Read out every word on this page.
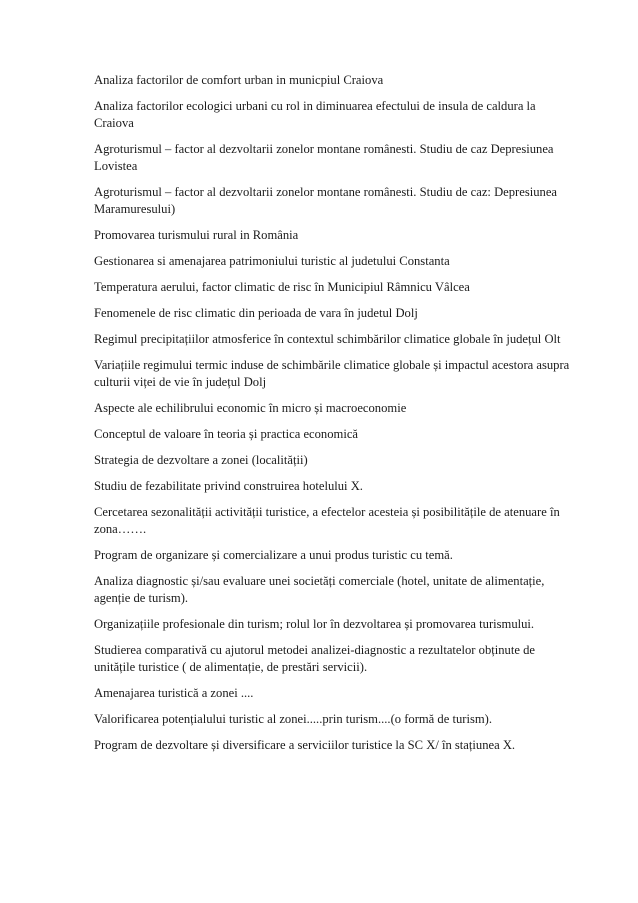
Analiza factorilor de comfort urban in municpiul Craiova

Analiza factorilor ecologici urbani cu rol in diminuarea efectului de insula de caldura la Craiova

Agroturismul – factor al dezvoltarii zonelor montane românesti. Studiu de caz Depresiunea Lovistea

Agroturismul – factor al dezvoltarii zonelor montane românesti. Studiu de caz: Depresiunea Maramuresului)

Promovarea turismului rural in România

Gestionarea si amenajarea patrimoniului turistic al judetului Constanta

Temperatura aerului, factor climatic de risc în Municipiul Râmnicu Vâlcea

Fenomenele de risc climatic din perioada de vara în judetul Dolj

Regimul precipitațiilor atmosferice în contextul schimbărilor climatice globale în județul Olt

Variațiile regimului termic induse de schimbările climatice globale și impactul acestora asupra culturii viței de vie în județul Dolj

Aspecte ale echilibrului economic în micro și macroeconomie

Conceptul de valoare în teoria și practica economică

Strategia de dezvoltare a zonei (localității)

Studiu de fezabilitate privind construirea hotelului X.

Cercetarea sezonalității activității turistice, a efectelor acesteia și posibilitățile de atenuare în zona…….

Program de organizare și comercializare a unui produs turistic cu temă.

Analiza diagnostic și/sau evaluare unei societăți comerciale (hotel, unitate de alimentație, agenție de turism).

Organizațiile profesionale din turism; rolul lor în dezvoltarea și promovarea turismului.

Studierea comparativă cu ajutorul metodei analizei-diagnostic a rezultatelor obținute de unitățile turistice ( de alimentație, de prestări servicii).

Amenajarea turistică a zonei ....

Valorificarea potențialului turistic al zonei.....prin turism....(o formă de turism).

Program de dezvoltare și diversificare a serviciilor turistice la SC X/ în stațiunea X.
